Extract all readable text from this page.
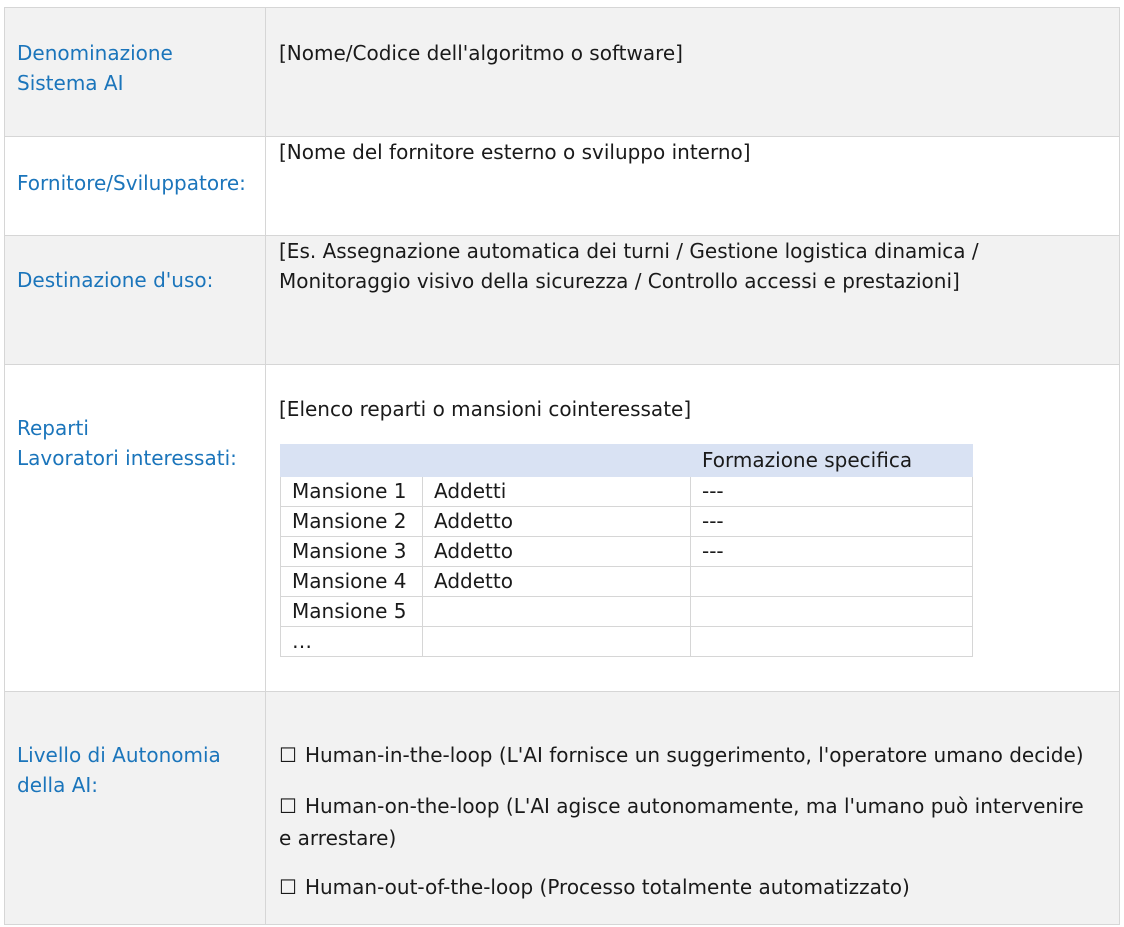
Denominazione
Sistema AI
[Nome/Codice dell'algoritmo o software]
Fornitore/Sviluppatore:
[Nome del fornitore esterno o sviluppo interno]
Destinazione d'uso:
[Es. Assegnazione automatica dei turni / Gestione logistica dinamica /
Monitoraggio visivo della sicurezza / Controllo accessi e prestazioni]
Reparti
Lavoratori interessati:
[Elenco reparti o mansioni cointeressate]
		Formazione specifica
Mansione 1	Addetti	---
Mansione 2	Addetto	---
Mansione 3	Addetto	---
Mansione 4	Addetto	
Mansione 5		
…		
Livello di Autonomia
della AI:
☐ Human-in-the-loop (L'AI fornisce un suggerimento, l'operatore umano decide)
☐ Human-on-the-loop (L'AI agisce autonomamente, ma l'umano può intervenire
e arrestare)
☐ Human-out-of-the-loop (Processo totalmente automatizzato)
